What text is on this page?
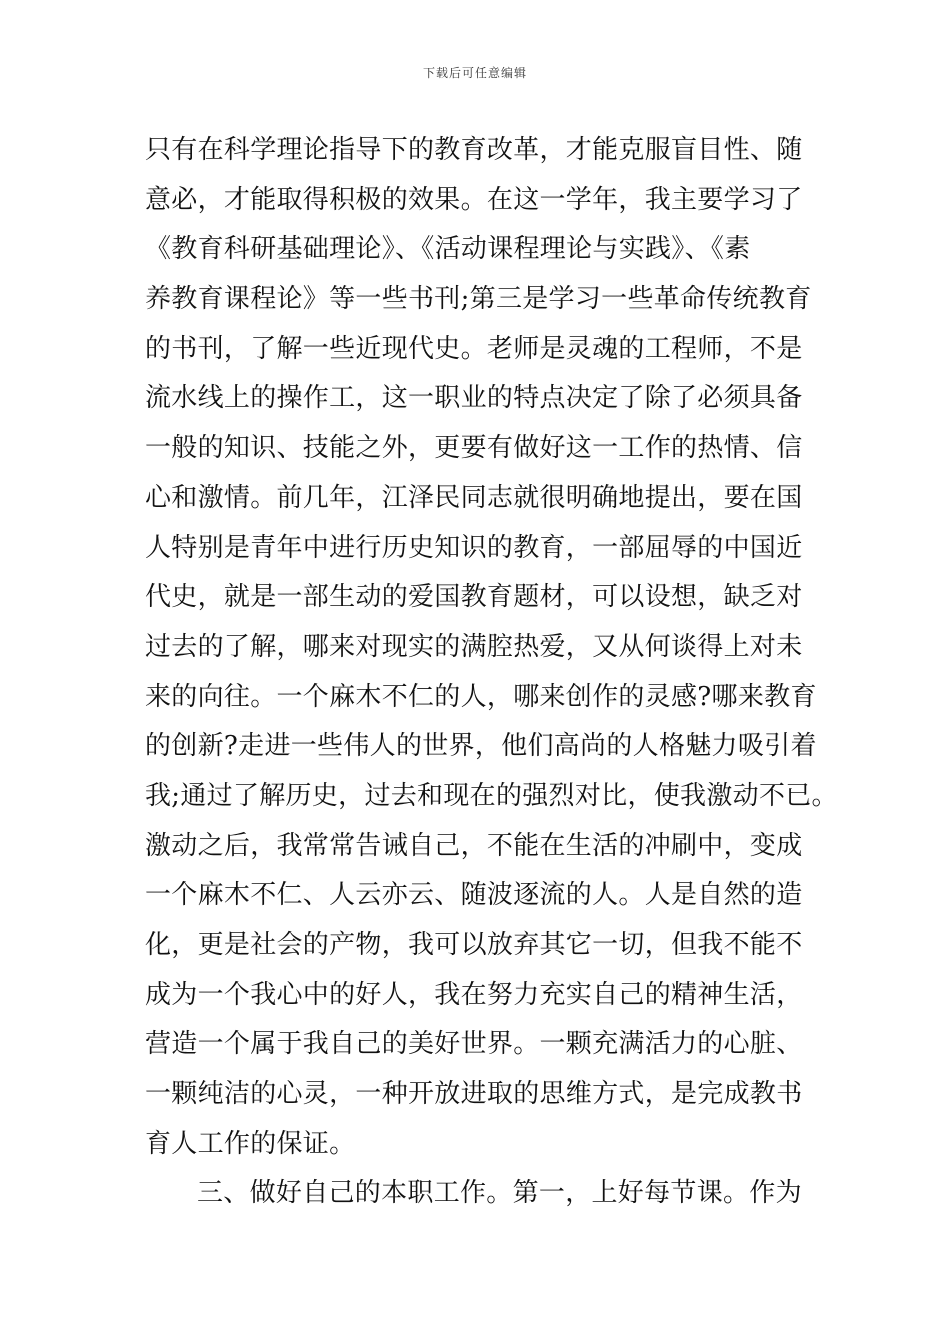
下载后可任意编辑
只有在科学理论指导下的教育改革，才能克服盲目性、随
意必，才能取得积极的效果。在这一学年，我主要学习了
《教育科研基础理论》、《活动课程理论与实践》、《素
养教育课程论》等一些书刊;第三是学习一些革命传统教育
的书刊，了解一些近现代史。老师是灵魂的工程师，不是
流水线上的操作工，这一职业的特点决定了除了必须具备
一般的知识、技能之外，更要有做好这一工作的热情、信
心和激情。前几年，江泽民同志就很明确地提出，要在国
人特别是青年中进行历史知识的教育，一部屈辱的中国近
代史，就是一部生动的爱国教育题材，可以设想，缺乏对
过去的了解，哪来对现实的满腔热爱，又从何谈得上对未
来的向往。一个麻木不仁的人，哪来创作的灵感?哪来教育
的创新?走进一些伟人的世界，他们高尚的人格魅力吸引着
我;通过了解历史，过去和现在的强烈对比，使我激动不已。
激动之后，我常常告诫自己，不能在生活的冲刷中，变成
一个麻木不仁、人云亦云、随波逐流的人。人是自然的造
化，更是社会的产物，我可以放弃其它一切，但我不能不
成为一个我心中的好人，我在努力充实自己的精神生活，
营造一个属于我自己的美好世界。一颗充满活力的心脏、
一颗纯洁的心灵，一种开放进取的思维方式，是完成教书
育人工作的保证。
三、做好自己的本职工作。第一，上好每节课。作为
